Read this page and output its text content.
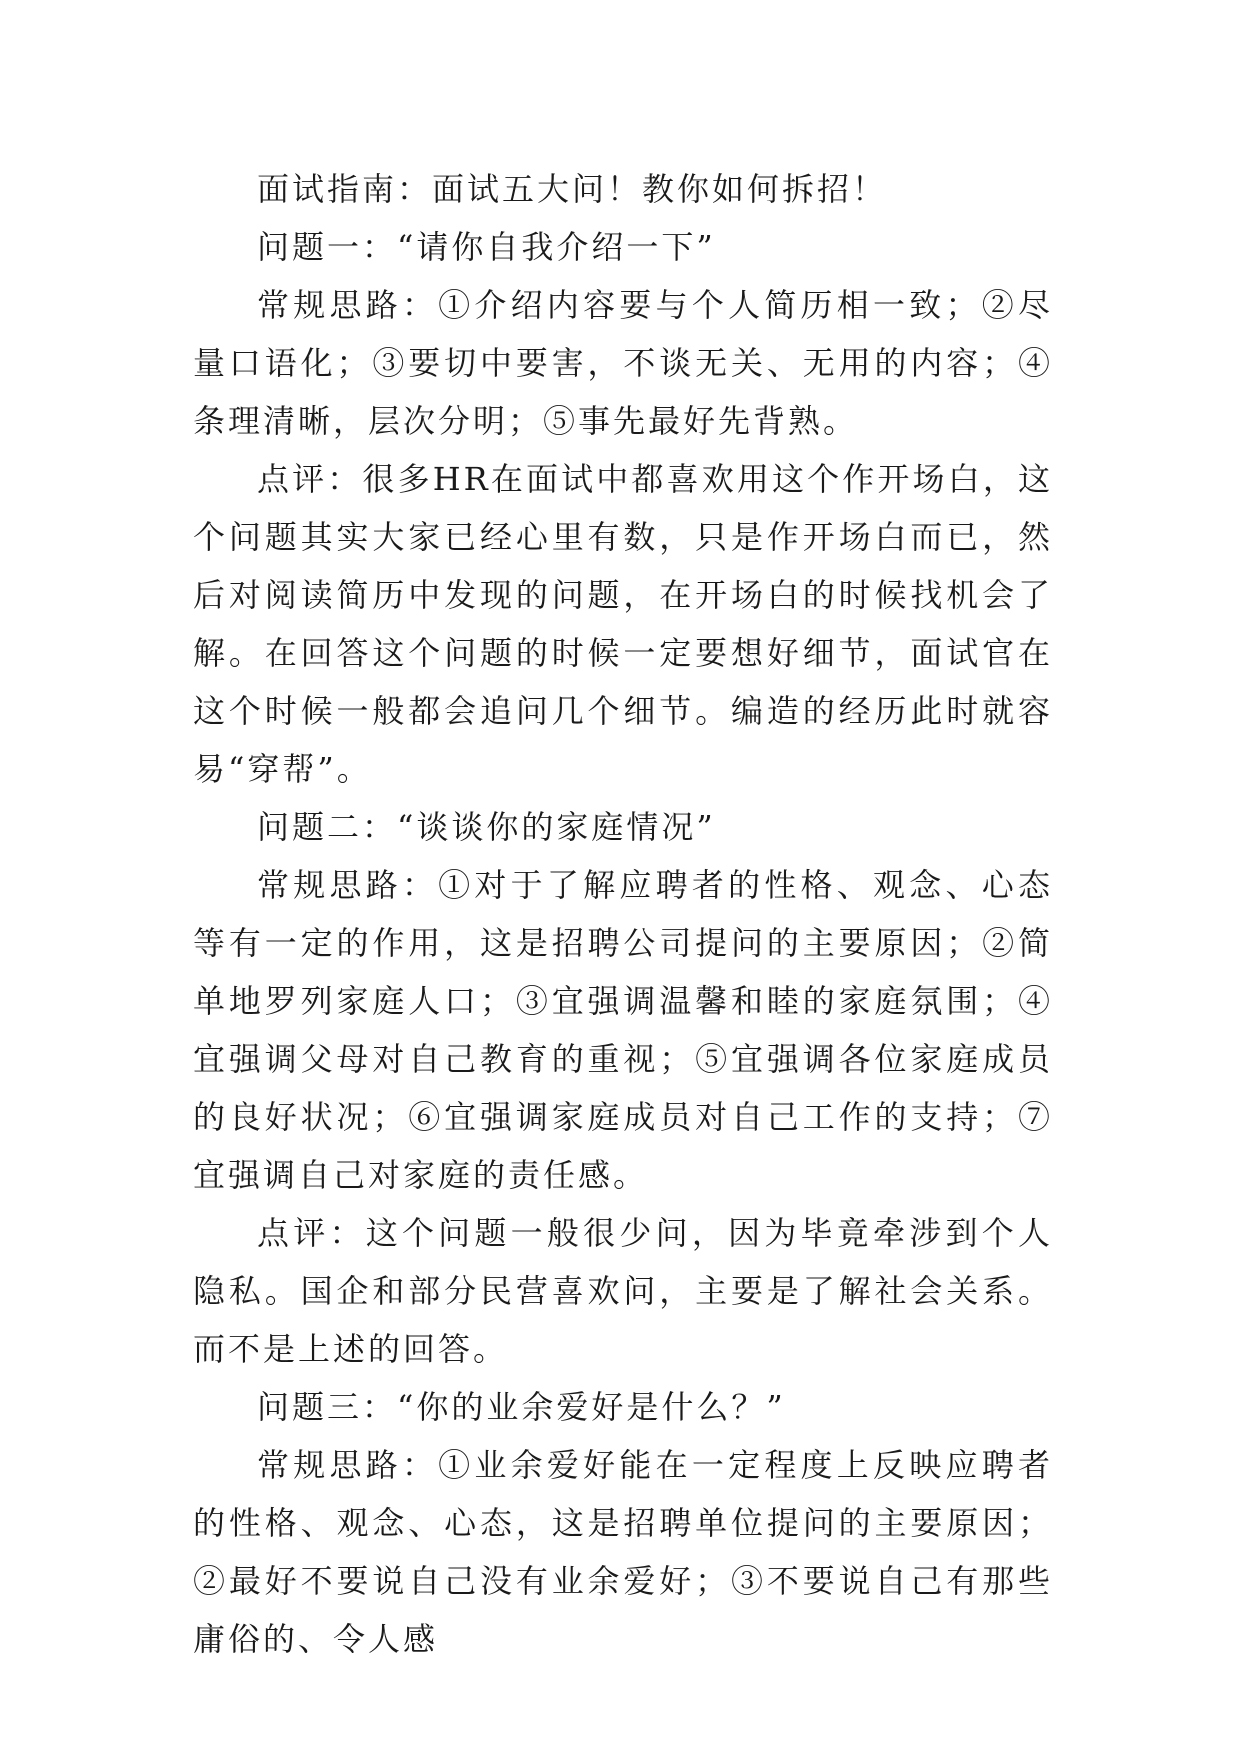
面试指南：面试五大问！教你如何拆招！

问题一：“请你自我介绍一下”

常规思路：①介绍内容要与个人简历相一致；②尽量口语化；③要切中要害，不谈无关、无用的内容；④条理清晰，层次分明；⑤事先最好先背熟。

点评：很多HR在面试中都喜欢用这个作开场白，这个问题其实大家已经心里有数，只是作开场白而已，然后对阅读简历中发现的问题，在开场白的时候找机会了解。在回答这个问题的时候一定要想好细节，面试官在这个时候一般都会追问几个细节。编造的经历此时就容易“穿帮”。

问题二：“谈谈你的家庭情况”

常规思路：①对于了解应聘者的性格、观念、心态等有一定的作用，这是招聘公司提问的主要原因；②简单地罗列家庭人口；③宜强调温馨和睦的家庭氛围；④宜强调父母对自己教育的重视；⑤宜强调各位家庭成员的良好状况；⑥宜强调家庭成员对自己工作的支持；⑦宜强调自己对家庭的责任感。

点评：这个问题一般很少问，因为毕竟牵涉到个人隐私。国企和部分民营喜欢问，主要是了解社会关系。而不是上述的回答。

问题三：“你的业余爱好是什么？”

常规思路：①业余爱好能在一定程度上反映应聘者的性格、观念、心态，这是招聘单位提问的主要原因；②最好不要说自己没有业余爱好；③不要说自己有那些庸俗的、令人感
